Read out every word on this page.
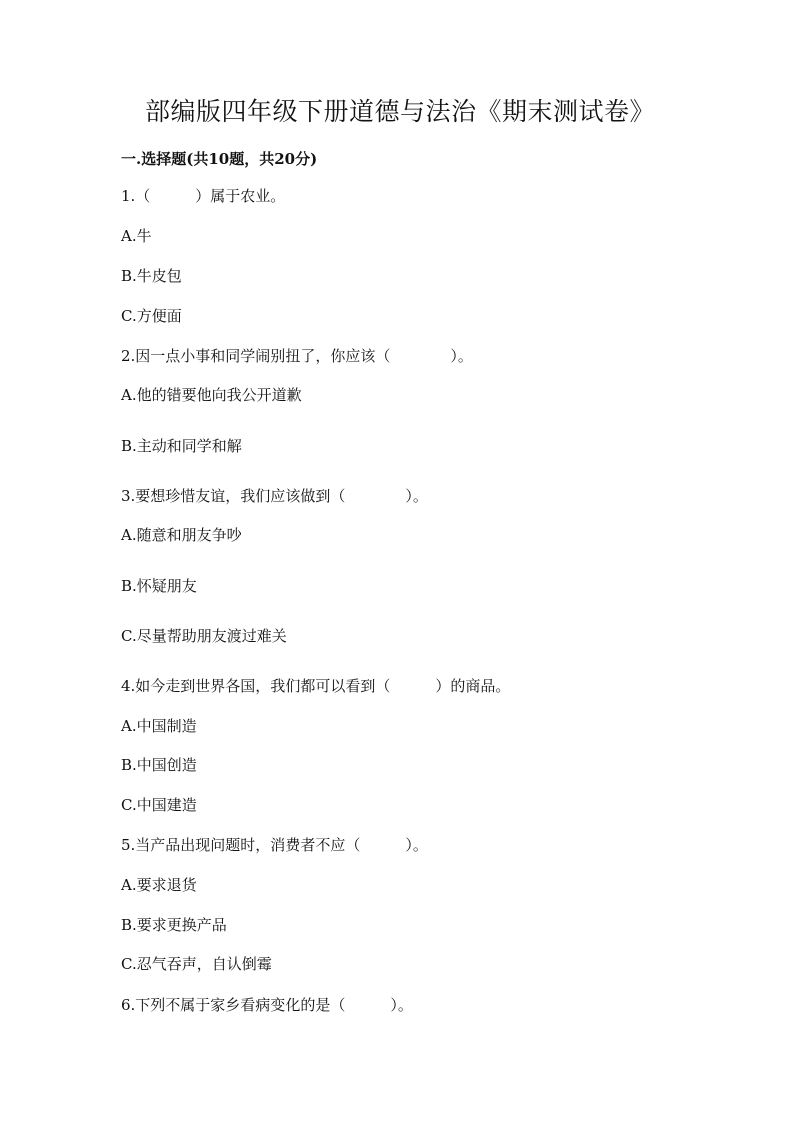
部编版四年级下册道德与法治《期末测试卷》
一.选择题(共10题，共20分)

1.（　　　）属于农业。

A.牛

B.牛皮包

C.方便面

2.因一点小事和同学闹别扭了，你应该（　　　　）。

A.他的错要他向我公开道歉

B.主动和同学和解

3.要想珍惜友谊，我们应该做到（　　　　）。

A.随意和朋友争吵

B.怀疑朋友

C.尽量帮助朋友渡过难关

4.如今走到世界各国，我们都可以看到（　　　）的商品。

A.中国制造

B.中国创造

C.中国建造

5.当产品出现问题时，消费者不应（　　　）。

A.要求退货

B.要求更换产品

C.忍气吞声，自认倒霉

6.下列不属于家乡看病变化的是（　　　）。
